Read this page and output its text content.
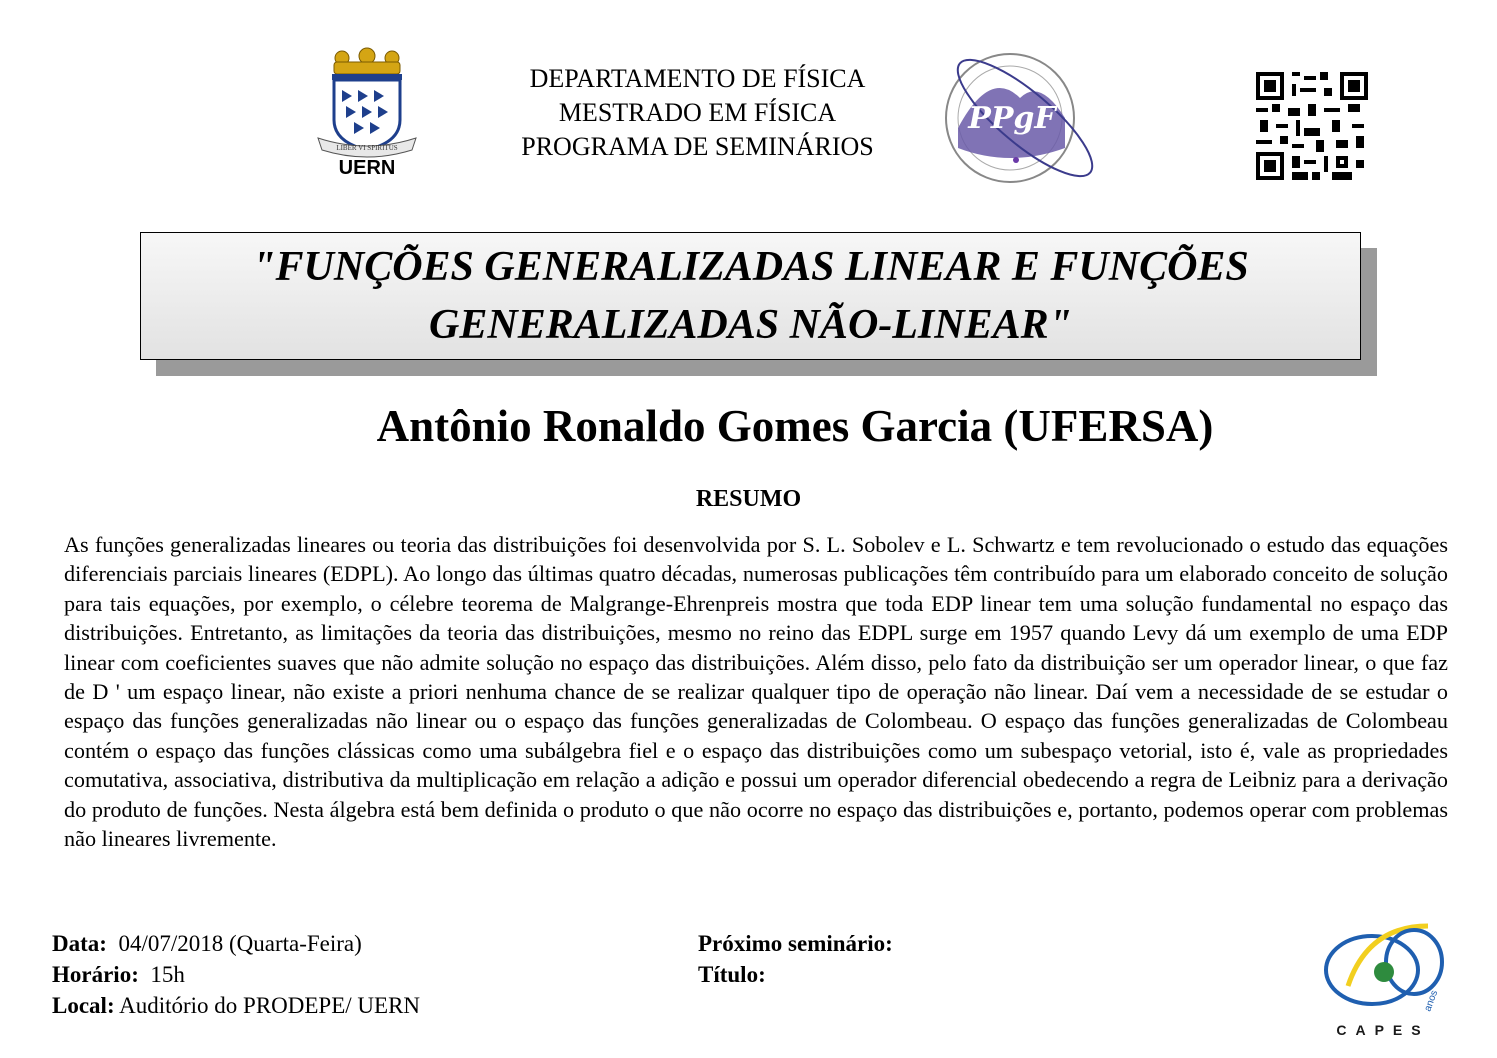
LIBER VI SPIRITUS
UERN
DEPARTAMENTO DE FÍSICA
MESTRADO EM FÍSICA
PROGRAMA DE SEMINÁRIOS
PPgF
"FUNÇÕES GENERALIZADAS LINEAR E FUNÇÕES
GENERALIZADAS NÃO-LINEAR"
Antônio Ronaldo Gomes Garcia (UFERSA)
RESUMO
As funções generalizadas lineares ou teoria das distribuições foi desenvolvida por S. L. Sobolev e L. Schwartz e tem revolucionado o estudo das equações diferenciais parciais lineares (EDPL). Ao longo das últimas quatro décadas, numerosas publicações têm contribuído para um elaborado conceito de solução para tais equações, por exemplo, o célebre teorema de Malgrange-Ehrenpreis mostra que toda EDP linear tem uma solução fundamental no espaço das distribuições. Entretanto, as limitações da teoria das distribuições, mesmo no reino das EDPL surge em 1957 quando Levy dá um exemplo de uma EDP linear com coeficientes suaves que não admite solução no espaço das distribuições. Além disso, pelo fato da distribuição ser um operador linear, o que faz de D ' um espaço linear, não existe a priori nenhuma chance de se realizar qualquer tipo de operação não linear. Daí vem a necessidade de se estudar o espaço das funções generalizadas não linear ou o espaço das funções generalizadas de Colombeau. O espaço das funções generalizadas de Colombeau contém o espaço das funções clássicas como uma subálgebra fiel e o espaço das distribuições como um subespaço vetorial, isto é, vale as propriedades comutativa, associativa, distributiva da multiplicação em relação a adição e possui um operador diferencial obedecendo a regra de Leibniz para a derivação do produto de funções. Nesta álgebra está bem definida o produto o que não ocorre no espaço das distribuições e, portanto, podemos operar com problemas não lineares livremente.
Data: 04/07/2018 (Quarta-Feira)
Horário: 15h
Local: Auditório do PRODEPE/ UERN
Próximo seminário:
Título:
anos
CAPES
